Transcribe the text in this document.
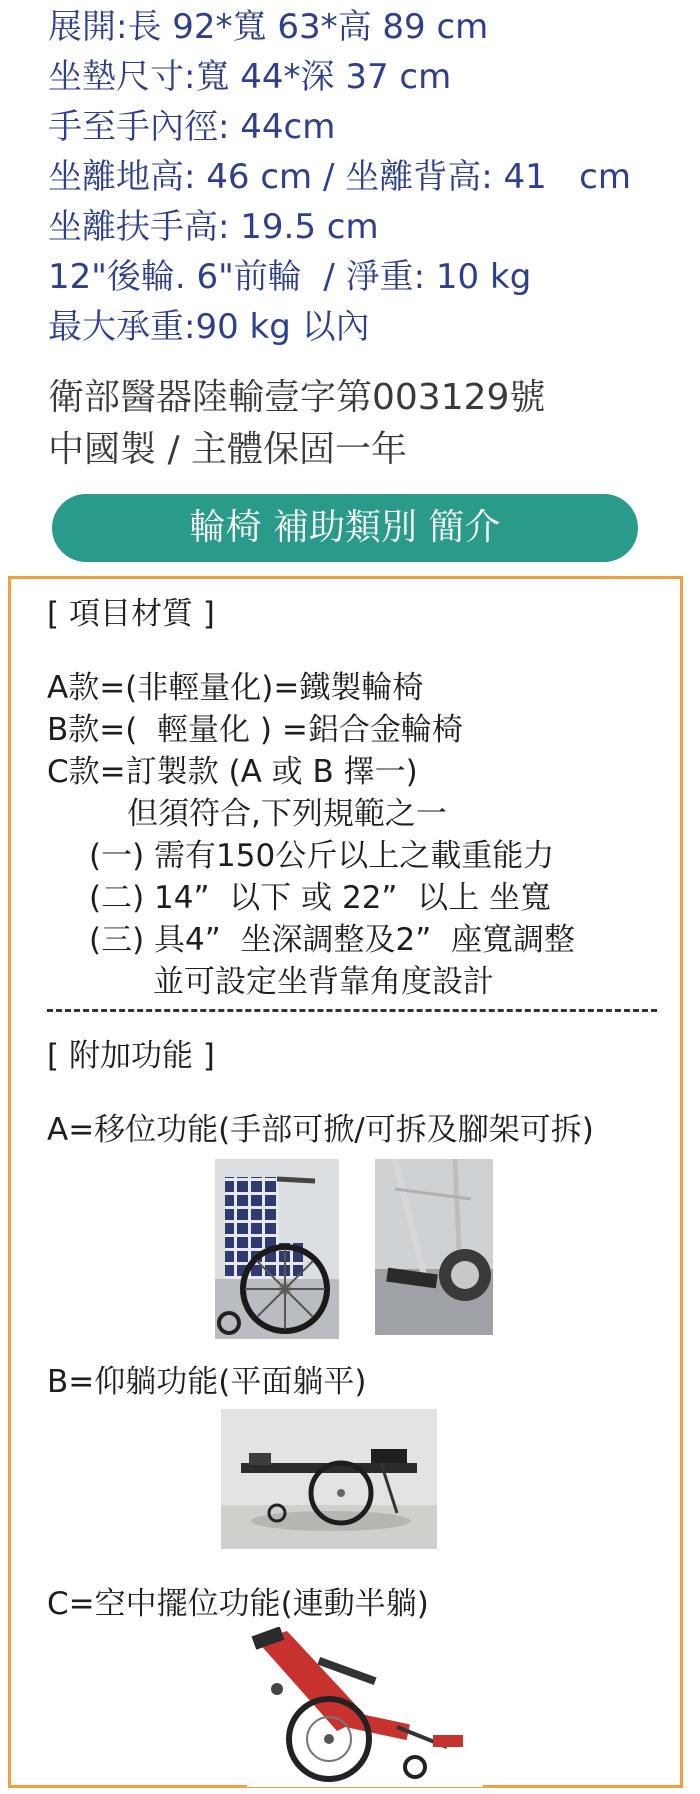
展開:長 92*寬 63*高 89 cm
坐墊尺寸:寬 44*深 37 cm
手至手內徑: 44cm
坐離地高: 46 cm / 坐離背高: 41   cm
坐離扶手高: 19.5 cm
12"後輪. 6"前輪  / 淨重: 10 kg
最大承重:90 kg 以內
衛部醫器陸輸壹字第003129號
中國製 / 主體保固一年
輪椅 補助類別 簡介
[ 項目材質 ]
A款=(非輕量化)=鐵製輪椅
B款=(  輕量化 ) =鋁合金輪椅
C款=訂製款 (A 或 B 擇一)
但須符合,下列規範之一
(一) 需有150公斤以上之載重能力
(二) 14”  以下 或 22”  以上 坐寬
(三) 具4”  坐深調整及2”  座寬調整
並可設定坐背靠角度設計
[ 附加功能 ]
A=移位功能(手部可掀/可拆及腳架可拆)
B=仰躺功能(平面躺平)
C=空中擺位功能(連動半躺)
